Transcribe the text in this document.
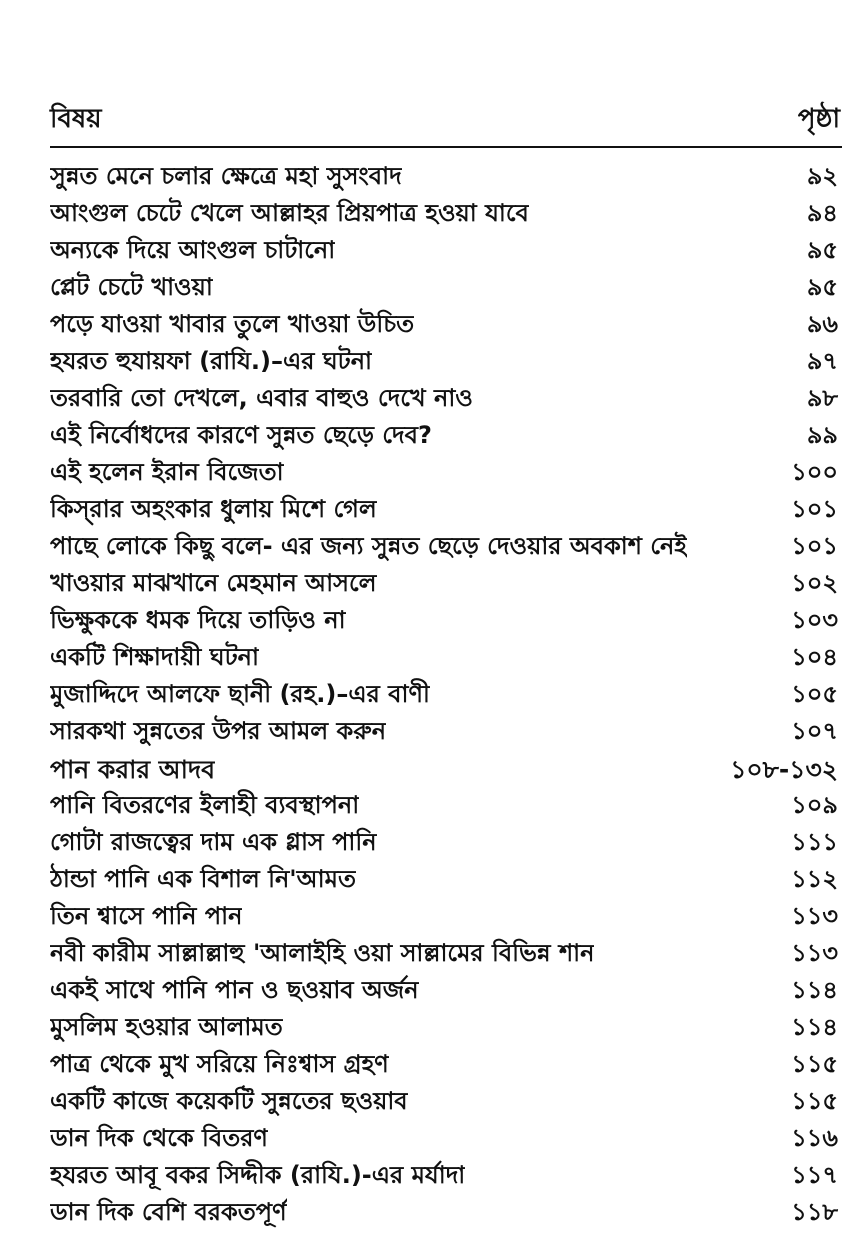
বিষয়	পৃষ্ঠা
সুন্নত মেনে চলার ক্ষেত্রে মহা সুসংবাদ	৯২
আংগুল চেটে খেলে আল্লাহর প্রিয়পাত্র হওয়া যাবে	৯৪
অন্যকে দিয়ে আংগুল চাটানো	৯৫
প্লেট চেটে খাওয়া	৯৫
পড়ে যাওয়া খাবার তুলে খাওয়া উচিত	৯৬
হযরত হুযায়ফা (রাযি.)–এর ঘটনা	৯৭
তরবারি তো দেখলে, এবার বাহুও দেখে নাও	৯৮
এই নির্বোধদের কারণে সুন্নত ছেড়ে দেব?	৯৯
এই হলেন ইরান বিজেতা	১০০
কিস্‌রার অহংকার ধুলায় মিশে গেল	১০১
পাছে লোকে কিছু বলে- এর জন্য সুন্নত ছেড়ে দেওয়ার অবকাশ নেই	১০১
খাওয়ার মাঝখানে মেহমান আসলে	১০২
ভিক্ষুককে ধমক দিয়ে তাড়িও না	১০৩
একটি শিক্ষাদায়ী ঘটনা	১০৪
মুজাদ্দিদে আলফে ছানী (রহ.)–এর বাণী	১০৫
সারকথা সুন্নতের উপর আমল করুন	১০৭
পান করার আদব	১০৮-১৩২
পানি বিতরণের ইলাহী ব্যবস্থাপনা	১০৯
গোটা রাজত্বের দাম এক গ্লাস পানি	১১১
ঠান্ডা পানি এক বিশাল নি'আমত	১১২
তিন শ্বাসে পানি পান	১১৩
নবী কারীম সাল্লাল্লাহু 'আলাইহি ওয়া সাল্লামের বিভিন্ন শান	১১৩
একই সাথে পানি পান ও ছওয়াব অর্জন	১১৪
মুসলিম হওয়ার আলামত	১১৪
পাত্র থেকে মুখ সরিয়ে নিঃশ্বাস গ্রহণ	১১৫
একটি কাজে কয়েকটি সুন্নতের ছওয়াব	১১৫
ডান দিক থেকে বিতরণ	১১৬
হযরত আবূ বকর সিদ্দীক (রাযি.)-এর মর্যাদা	১১৭
ডান দিক বেশি বরকতপূর্ণ	১১৮
